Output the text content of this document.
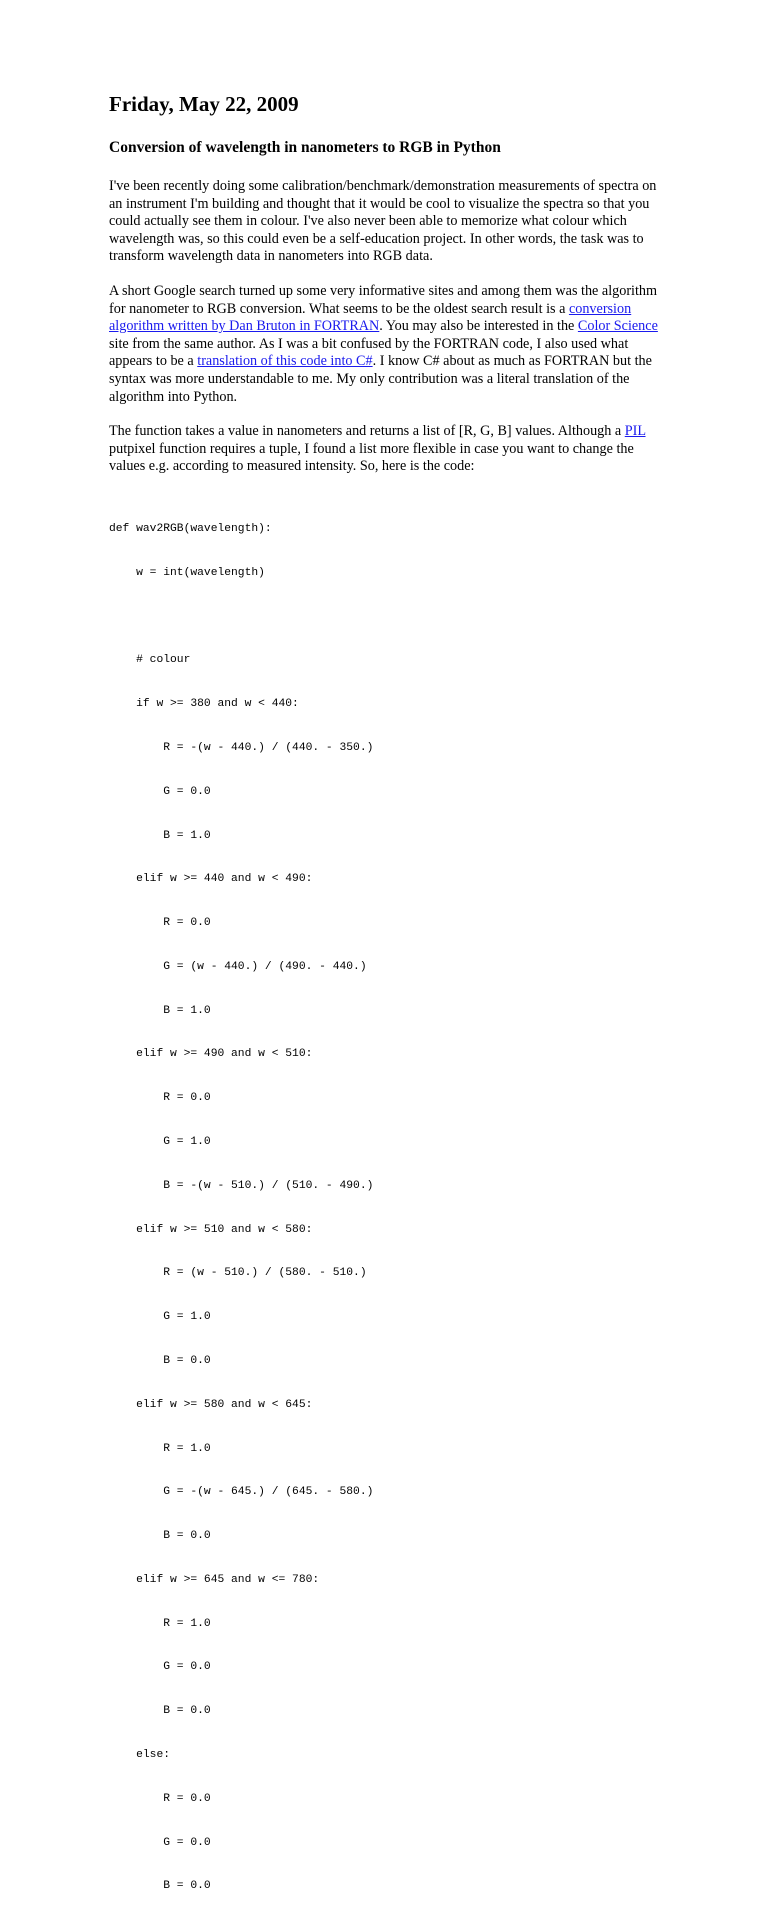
Friday, May 22, 2009
Conversion of wavelength in nanometers to RGB in Python

I've been recently doing some calibration/benchmark/demonstration measurements of spectra on an instrument I'm building and thought that it would be cool to visualize the spectra so that you could actually see them in colour. I've also never been able to memorize what colour which wavelength was, so this could even be a self-education project. In other words, the task was to transform wavelength data in nanometers into RGB data.

A short Google search turned up some very informative sites and among them was the algorithm for nanometer to RGB conversion. What seems to be the oldest search result is a conversion algorithm written by Dan Bruton in FORTRAN. You may also be interested in the Color Science site from the same author. As I was a bit confused by the FORTRAN code, I also used what appears to be a translation of this code into C#. I know C# about as much as FORTRAN but the syntax was more understandable to me. My only contribution was a literal translation of the algorithm into Python.

The function takes a value in nanometers and returns a list of [R, G, B] values. Although a PIL putpixel function requires a tuple, I found a list more flexible in case you want to change the values e.g. according to measured intensity. So, here is the code:

def wav2RGB(wavelength):

w = int(wavelength)

# colour

if w >= 380 and w < 440:

R = -(w - 440.) / (440. - 350.)

G = 0.0

B = 1.0

elif w >= 440 and w < 490:

R = 0.0

G = (w - 440.) / (490. - 440.)

B = 1.0

elif w >= 490 and w < 510:

R = 0.0

G = 1.0

B = -(w - 510.) / (510. - 490.)

elif w >= 510 and w < 580:

R = (w - 510.) / (580. - 510.)

G = 1.0

B = 0.0

elif w >= 580 and w < 645:

R = 1.0

G = -(w - 645.) / (645. - 580.)

B = 0.0

elif w >= 645 and w <= 780:

R = 1.0

G = 0.0

B = 0.0

else:

R = 0.0

G = 0.0

B = 0.0
